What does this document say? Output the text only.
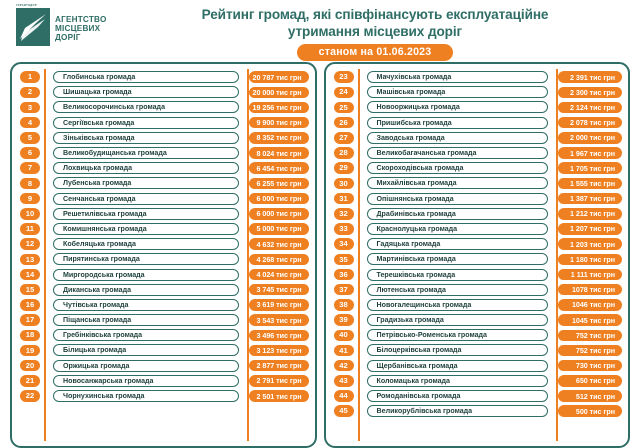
УКРАВТОДОР
АГЕНТСТВО
МІСЦЕВИХ
ДОРІГ
Рейтинг громад, які співфінансують експлуатаційне
утримання місцевих доріг
станом на 01.06.2023
1	Глобинська громада	20 787 тис грн
2	Шишацька громада	20 000 тис грн
3	Великосорочинська громада	19 256 тис грн
4	Сергіївська громада	9 900 тис грн
5	Зіньківська громада	8 352 тис грн
6	Великобудищанська громада	8 024 тис грн
7	Лохвицька громада	6 454 тис грн
8	Лубенська громада	6 255 тис грн
9	Сенчанська громада	6 000 тис грн
10	Решетилівська громада	6 000 тис грн
11	Комишнянська громада	5 000 тис грн
12	Кобеляцька громада	4 632 тис грн
13	Пирятинська громада	4 268 тис грн
14	Миргородська громада	4 024 тис грн
15	Диканська громада	3 745 тис грн
16	Чутівська громада	3 619 тис грн
17	Піщанська громада	3 543 тис грн
18	Гребінківська громада	3 496 тис грн
19	Білицька громада	3 123 тис грн
20	Оржицька громада	2 877 тис грн
21	Новосанжарська громада	2 791 тис грн
22	Чорнухинська громада	2 501 тис грн
23	Мачухівська громада	2 391 тис грн
24	Машівська громада	2 300 тис грн
25	Новооржицька громада	2 124 тис грн
26	Пришибська громада	2 078 тис грн
27	Заводська громада	2 000 тис грн
28	Великобагачанська громада	1 967 тис грн
29	Скороходівська громада	1 705 тис грн
30	Михайлівська громада	1 555 тис грн
31	Опішнянська громада	1 387 тис грн
32	Драбинівська громада	1 212 тис грн
33	Краснолуцька громада	1 207 тис грн
34	Гадяцька громада	1 203 тис грн
35	Мартинівська громада	1 180 тис грн
36	Терешківська громада	1 111 тис грн
37	Лютенська громада	1078 тис грн
38	Новогалещинська громада	1046 тис грн
39	Градизька громада	1045 тис грн
40	Петрівсько-Роменська громада	752 тис грн
41	Білоцерківська громада	752 тис грн
42	Щербанівська громада	730 тис грн
43	Коломацька громада	650 тис грн
44	Ромоданівська громада	512 тис грн
45	Великорублівська громада	500 тис грн
